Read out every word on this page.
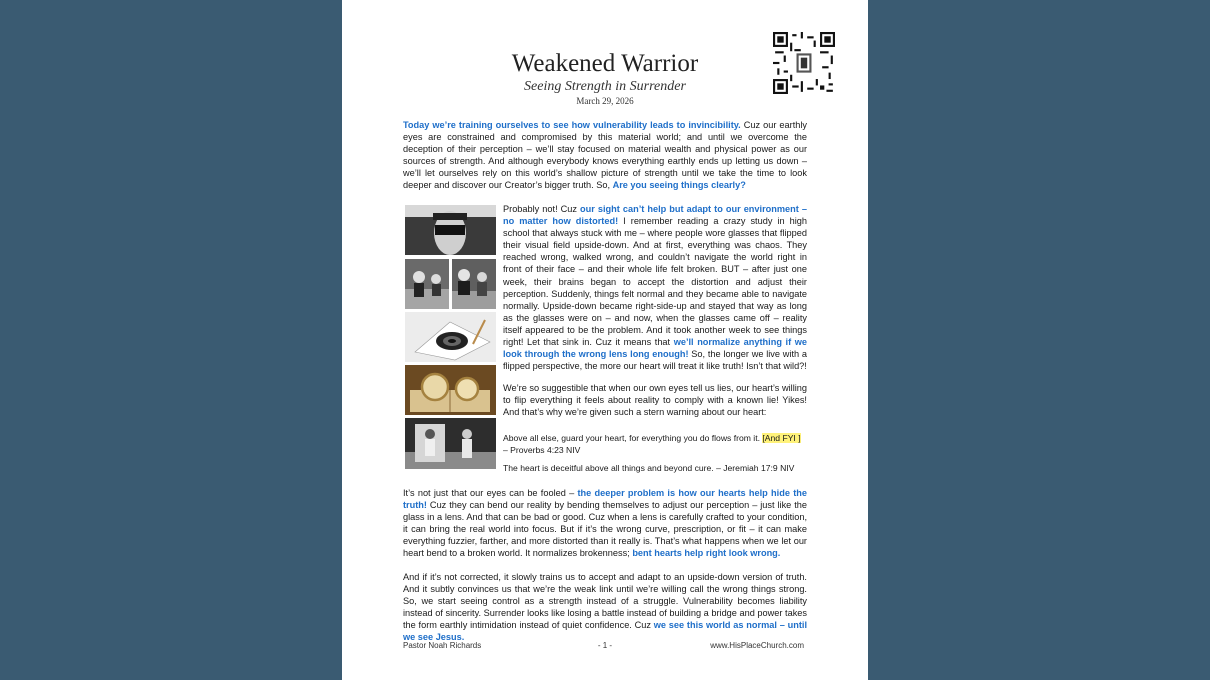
Weakened Warrior
Seeing Strength in Surrender
March 29, 2026

Today we’re training ourselves to see how vulnerability leads to invincibility. Cuz our earthly eyes are constrained and compromised by this material world; and until we overcome the deception of their perception – we’ll stay focused on material wealth and physical power as our sources of strength. And although everybody knows everything earthly ends up letting us down – we’ll let ourselves rely on this world’s shallow picture of strength until we take the time to look deeper and discover our Creator’s bigger truth. So, Are you seeing things clearly?

Probably not! Cuz our sight can’t help but adapt to our environment – no matter how distorted! I remember reading a crazy study in high school that always stuck with me – where people wore glasses that flipped their visual field upside-down. And at first, everything was chaos. They reached wrong, walked wrong, and couldn’t navigate the world right in front of their face – and their whole life felt broken. BUT – after just one week, their brains began to accept the distortion and adjust their perception. Suddenly, things felt normal and they became able to navigate normally. Upside-down became right-side-up and stayed that way as long as the glasses were on – and now, when the glasses came off – reality itself appeared to be the problem. And it took another week to see things right! Let that sink in. Cuz it means that we’ll normalize anything if we look through the wrong lens long enough! So, the longer we live with a flipped perspective, the more our heart will treat it like truth! Isn’t that wild?!

We’re so suggestible that when our own eyes tell us lies, our heart’s willing to flip everything it feels about reality to comply with a known lie! Yikes! And that’s why we’re given such a stern warning about our heart:

Above all else, guard your heart, for everything you do flows from it. [And FYI ] – Proverbs 4:23 NIV

The heart is deceitful above all things and beyond cure. – Jeremiah 17:9 NIV

It’s not just that our eyes can be fooled – the deeper problem is how our hearts help hide the truth! Cuz they can bend our reality by bending themselves to adjust our perception – just like the glass in a lens. And that can be bad or good. Cuz when a lens is carefully crafted to your condition, it can bring the real world into focus. But if it’s the wrong curve, prescription, or fit – it can make everything fuzzier, farther, and more distorted than it really is. That’s what happens when we let our heart bend to a broken world. It normalizes brokenness; bent hearts help right look wrong.

And if it’s not corrected, it slowly trains us to accept and adapt to an upside-down version of truth. And it subtly convinces us that we’re the weak link until we’re willing call the wrong things strong. So, we start seeing control as a strength instead of a struggle. Vulnerability becomes liability instead of sincerity. Surrender looks like losing a battle instead of building a bridge and power takes the form earthly intimidation instead of quiet confidence. Cuz we see this world as normal – until we see Jesus.

Pastor Noah Richards	- 1 -	www.HisPlaceChurch.com
